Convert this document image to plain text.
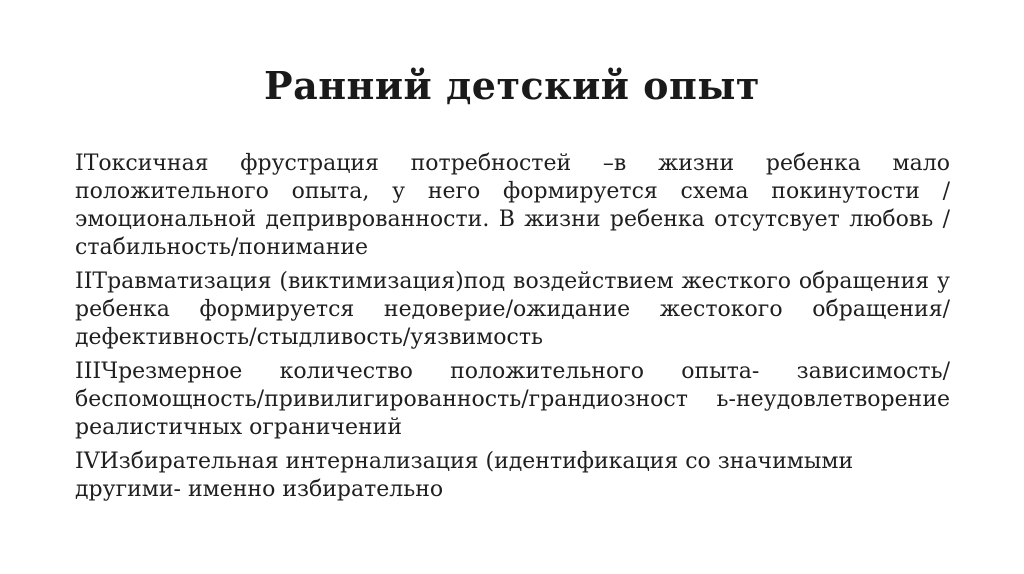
Ранний детский опыт

IТоксичная фрустрация потребностей –в жизни ребенка мало положительного опыта, у него формируется схема покинутости /эмоциональной деприврованности. В жизни ребенка отсутсвует любовь /стабильность/понимание

IIТравматизация (виктимизация)под воздействием жесткого обращения у ребенка формируется недоверие/ожидание жестокого обращения/дефективность/стыдливость/уязвимость

IIIЧрезмерное количество положительного опыта- зависимость/беспомощность/привилигированность/грандиозност ь-неудовлетворение реалистичных ограничений

IVИзбирательная интернализация (идентификация со значимыми другими- именно избирательно
